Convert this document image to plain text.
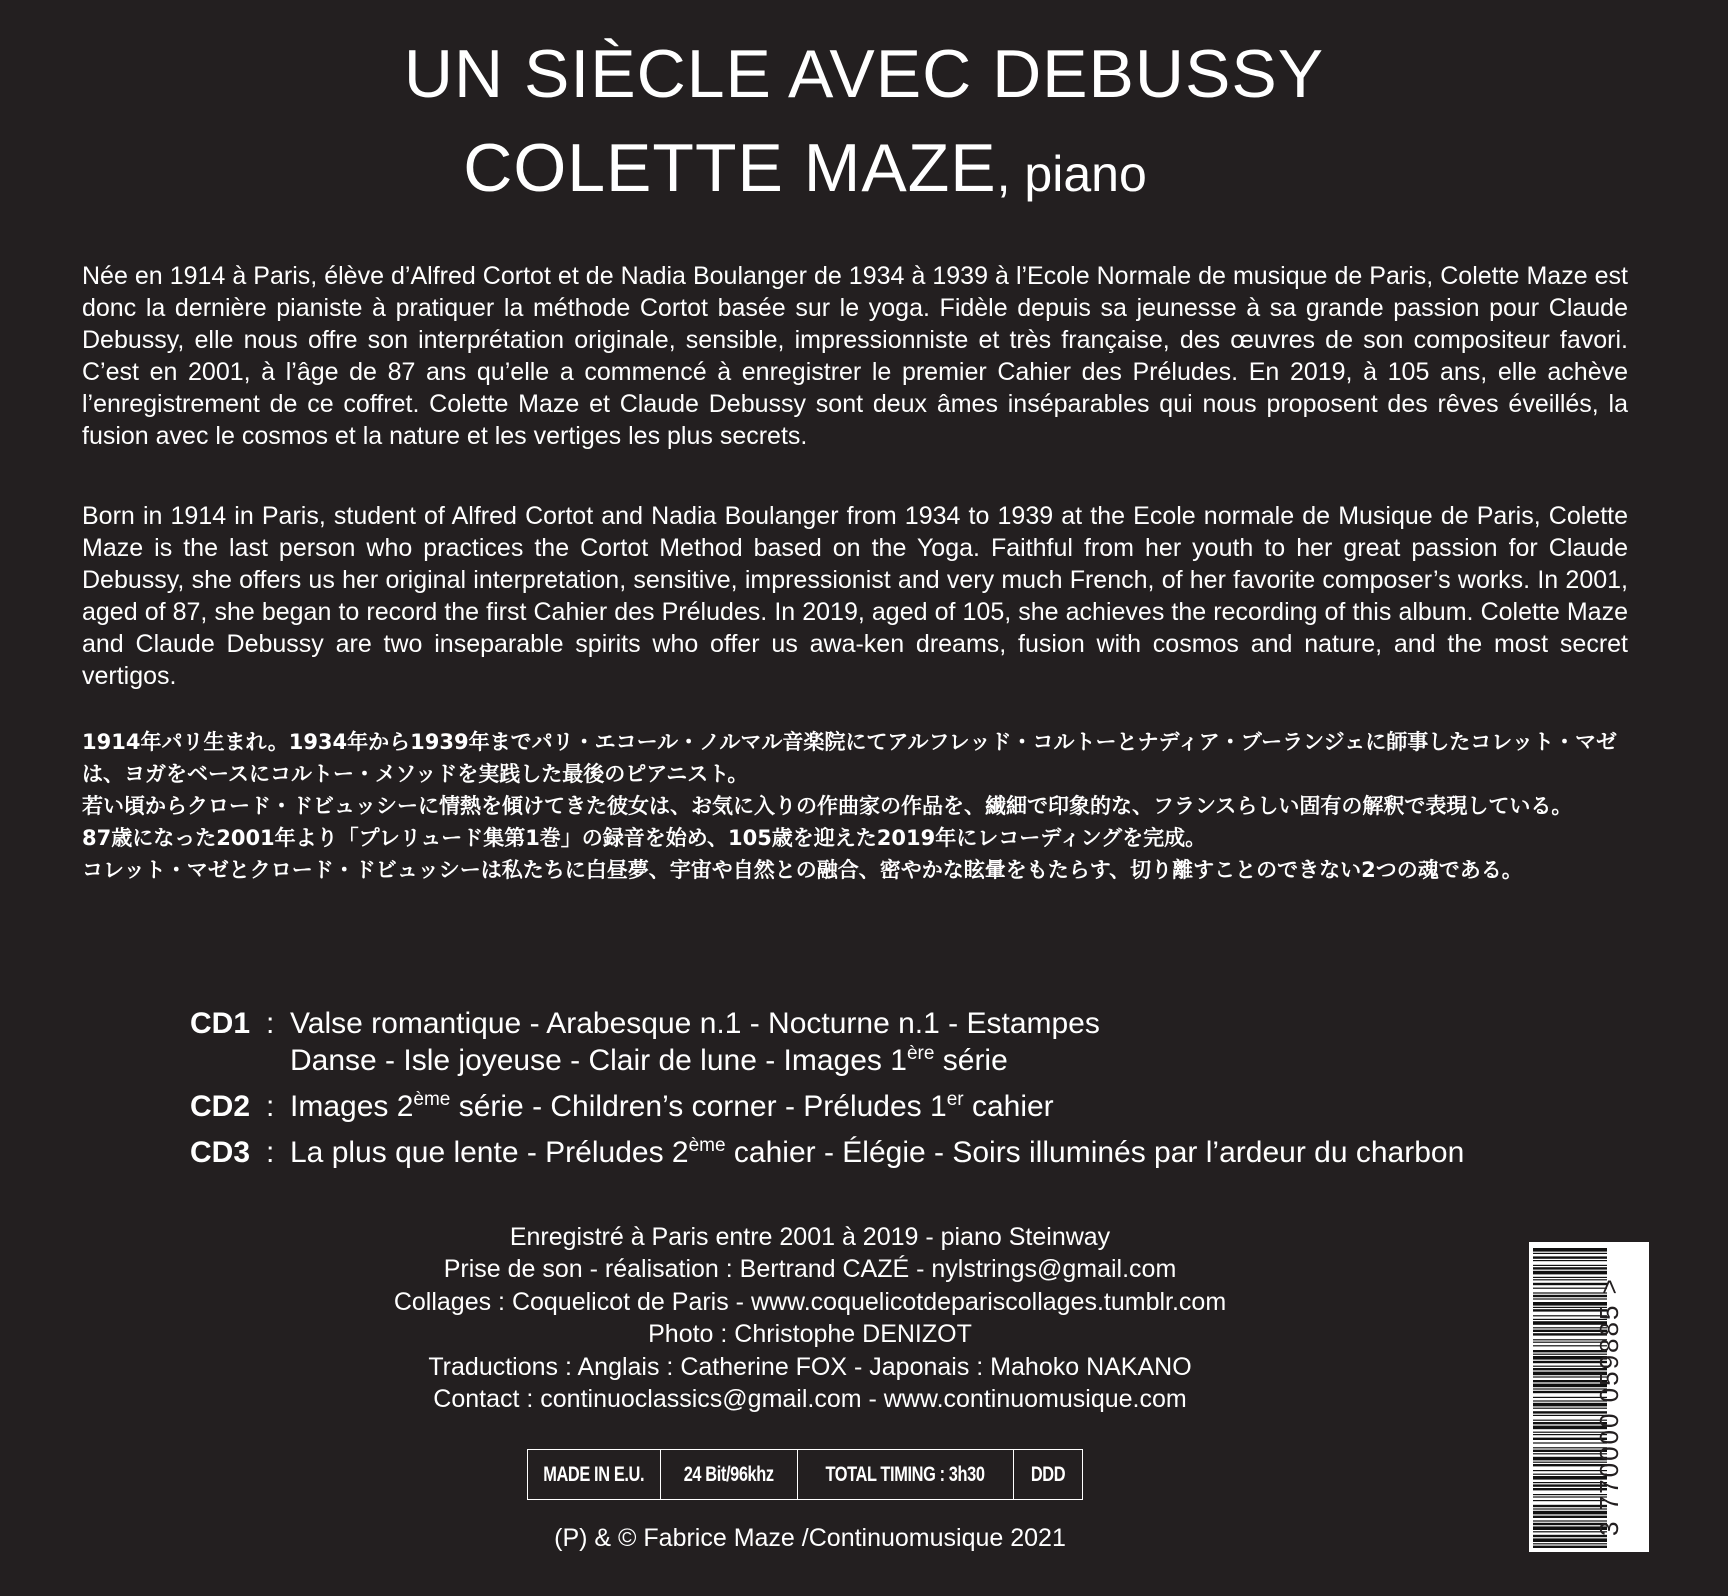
UN SIÈCLE AVEC DEBUSSY
COLETTE MAZE, piano

Née en 1914 à Paris, élève d’Alfred Cortot et de Nadia Boulanger de 1934 à 1939 à l’Ecole Normale de musique de Paris, Colette Maze est donc la dernière pianiste à pratiquer la méthode Cortot basée sur le yoga. Fidèle depuis sa jeunesse à sa grande passion pour Claude Debussy, elle nous offre son interprétation originale, sensible, impressionniste et très française, des œuvres de son compositeur favori. C’est en 2001, à l’âge de 87 ans qu’elle a commencé à enregistrer le premier Cahier des Préludes. En 2019, à 105 ans, elle achève l’enregistrement de ce coffret. Colette Maze et Claude Debussy sont deux âmes inséparables qui nous proposent des rêves éveillés, la fusion avec le cosmos et la nature et les vertiges les plus secrets.

Born in 1914 in Paris, student of Alfred Cortot and Nadia Boulanger from 1934 to 1939 at the Ecole normale de Musique de Paris, Colette Maze is the last person who practices the Cortot Method based on the Yoga. Faithful from her youth to her great passion for Claude Debussy, she offers us her original interpretation, sensitive, impressionist and very much French, of her favorite composer’s works. In 2001, aged of 87, she began to record the first Cahier des Préludes. In 2019, aged of 105, she achieves the recording of this album. Colette Maze and Claude Debussy are two inseparable spirits who offer us awa-ken dreams, fusion with cosmos and nature, and the most secret vertigos.

1914年パリ生まれ。1934年から1939年までパリ・エコール・ノルマル音楽院にてアルフレッド・コルトーとナディア・ブーランジェに師事したコレット・マゼは、ヨガをベースにコルトー・メソッドを実践した最後のピアニスト。

若い頃からクロード・ドビュッシーに情熱を傾けてきた彼女は、お気に入りの作曲家の作品を、繊細で印象的な、フランスらしい固有の解釈で表現している。

87歳になった2001年より「プレリュード集第1巻」の録音を始め、105歳を迎えた2019年にレコーディングを完成。

コレット・マゼとクロード・ドビュッシーは私たちに白昼夢、宇宙や自然との融合、密やかな眩暈をもたらす、切り離すことのできない2つの魂である。

CD1 : Valse romantique - Arabesque n.1 - Nocturne n.1 - Estampes
Danse - Isle joyeuse - Clair de lune - Images 1ère série
CD2 : Images 2ème série - Children’s corner - Préludes 1er cahier
CD3 : La plus que lente - Préludes 2ème cahier - Élégie - Soirs illuminés par l’ardeur du charbon
Enregistré à Paris entre 2001 à 2019 - piano Steinway
Prise de son - réalisation : Bertrand CAZÉ - nylstrings@gmail.com
Collages : Coquelicot de Paris - www.coquelicotdepariscollages.tumblr.com
Photo : Christophe DENIZOT
Traductions : Anglais : Catherine FOX - Japonais : Mahoko NAKANO
Contact : continuoclassics@gmail.com - www.continuomusique.com
MADE IN E.U. 24 Bit/96khz TOTAL TIMING : 3h30 DDD
(P) & © Fabrice Maze /Continuomusique 2021
3 770000 059885 >
